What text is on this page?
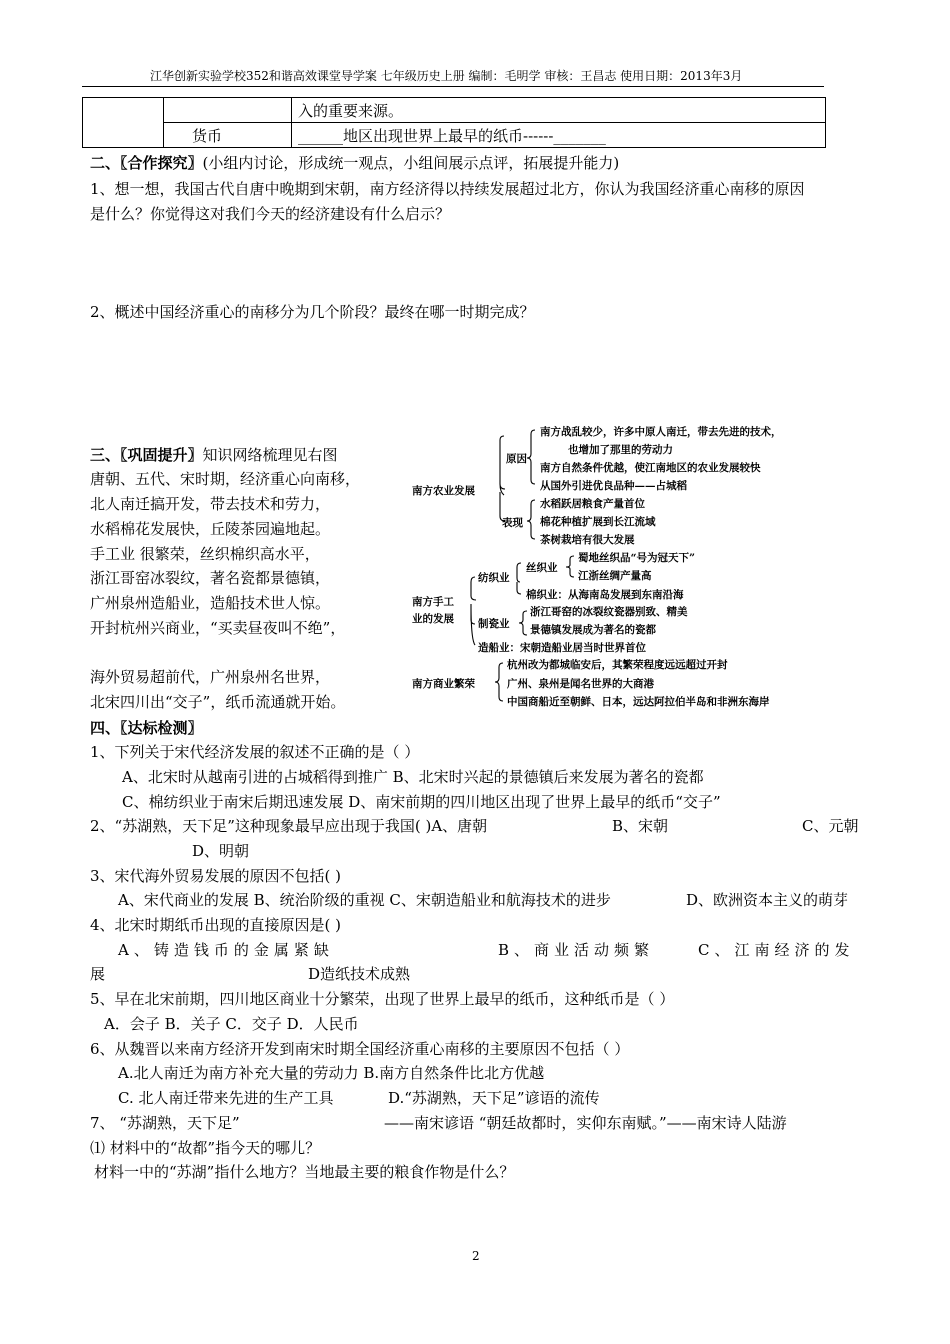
江华创新实验学校352和谐高效课堂导学案 七年级历史上册 编制：毛明学 审核：王昌志 使用日期：2013年3月
		入的重要来源。
	货币	______地区出现世界上最早的纸币------_______
二、〖合作探究〗(小组内讨论，形成统一观点，小组间展示点评，拓展提升能力)
1、想一想，我国古代自唐中晚期到宋朝，南方经济得以持续发展超过北方，你认为我国经济重心南移的原因
是什么？你觉得这对我们今天的经济建设有什么启示？
2、概述中国经济重心的南移分为几个阶段？最终在哪一时期完成？
三、〖巩固提升〗知识网络梳理见右图
唐朝、五代、宋时期，经济重心向南移，
北人南迁搞开发，带去技术和劳力，
水稻棉花发展快，丘陵茶园遍地起。
手工业 很繁荣，丝织棉织高水平，
浙江哥窑冰裂纹，著名瓷都景德镇，
广州泉州造船业，造船技术世人惊。
开封杭州兴商业，“买卖昼夜叫不绝”，
海外贸易超前代，广州泉州名世界，
北宋四川出“交子”，纸币流通就开始。
南方农业发展
原因
南方战乱较少，许多中原人南迁，带去先进的技术，
也增加了那里的劳动力
南方自然条件优越，使江南地区的农业发展较快
从国外引进优良品种——占城稻
表现
水稻跃居粮食产量首位
棉花种植扩展到长江流域
茶树栽培有很大发展
南方手工
业的发展
纺织业
丝织业
蜀地丝织品“号为冠天下”
江浙丝绸产量高
棉织业：从海南岛发展到东南沿海
制瓷业
浙江哥窑的冰裂纹瓷器别致、精美
景德镇发展成为著名的瓷都
造船业：宋朝造船业居当时世界首位
南方商业繁荣
杭州改为都城临安后，其繁荣程度远远超过开封
广州、泉州是闻名世界的大商港
中国商船近至朝鲜、日本，远达阿拉伯半岛和非洲东海岸
四、〖达标检测〗
1、下列关于宋代经济发展的叙述不正确的是（ ）
A、北宋时从越南引进的占城稻得到推广 B、北宋时兴起的景德镇后来发展为著名的瓷都
C、棉纺织业于南宋后期迅速发展 D、南宋前期的四川地区出现了世界上最早的纸币“交子”
2、“苏湖熟，天下足”这种现象最早应出现于我国( )A、唐朝	B、宋朝	C、元朝
D、明朝
3、宋代海外贸易发展的原因不包括( )
A、宋代商业的发展 B、统治阶级的重视 C、宋朝造船业和航海技术的进步	D、欧洲资本主义的萌芽
4、北宋时期纸币出现的直接原因是( )
A、铸造钱币的金属紧缺	B、商业活动频繁	C、江南经济的发
展	D造纸技术成熟
5、早在北宋前期，四川地区商业十分繁荣，出现了世界上最早的纸币，这种纸币是（ ）
A．会子 B．关子 C．交子 D．人民币
6、从魏晋以来南方经济开发到南宋时期全国经济重心南移的主要原因不包括（ ）
A.北人南迁为南方补充大量的劳动力 B.南方自然条件比北方优越
C. 北人南迁带来先进的生产工具	D.“苏湖熟，天下足”谚语的流传
7、 “苏湖熟，天下足”	——南宋谚语 “朝廷故都时，实仰东南赋。”——南宋诗人陆游
⑴ 材料中的“故都”指今天的哪儿？
材料一中的“苏湖”指什么地方？当地最主要的粮食作物是什么？
2
